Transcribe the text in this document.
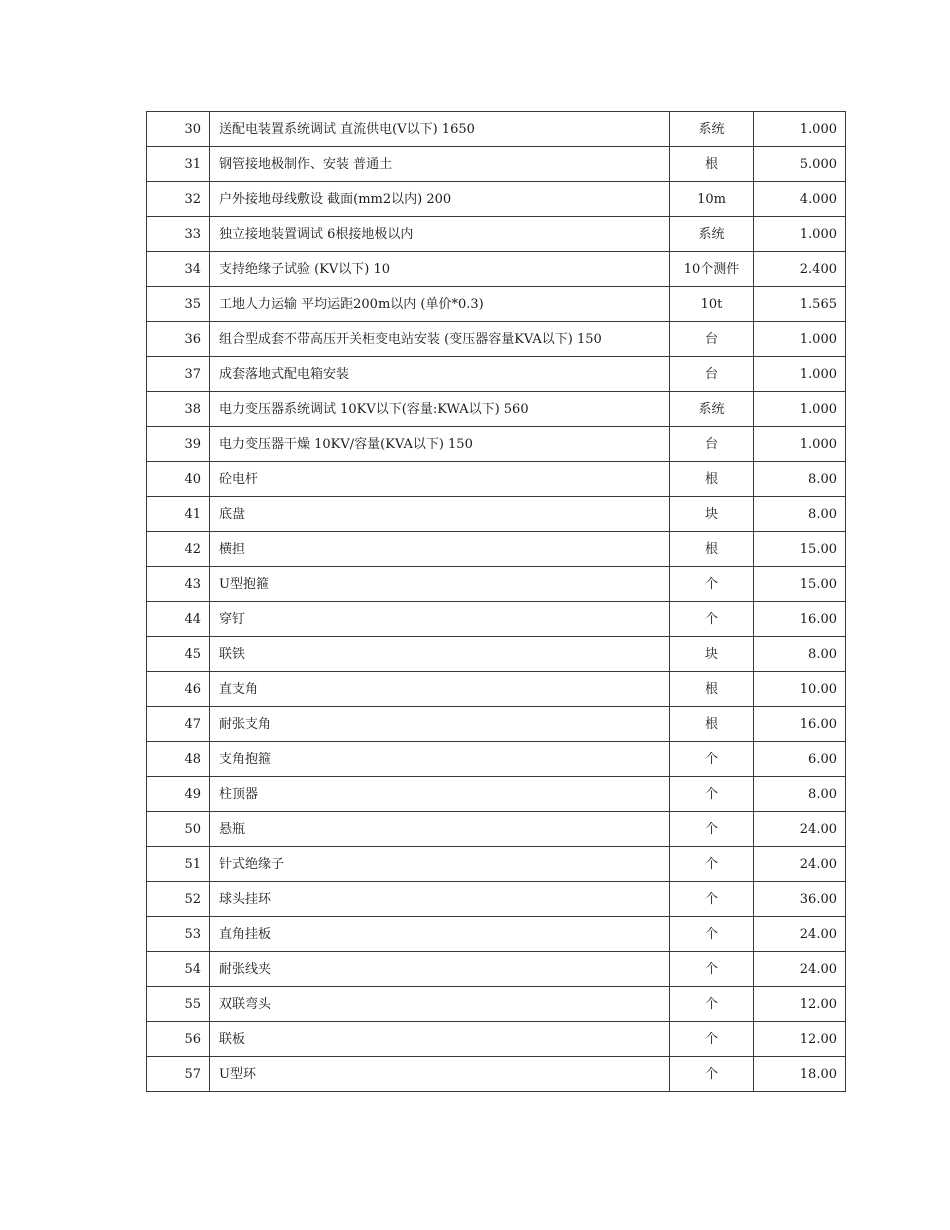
30	送配电装置系统调试 直流供电(V以下) 1650	系统	1.000
31	钢管接地极制作、安装 普通土	根	5.000
32	户外接地母线敷设 截面(mm2以内) 200	10m	4.000
33	独立接地装置调试 6根接地极以内	系统	1.000
34	支持绝缘子试验 (KV以下) 10	10个测件	2.400
35	工地人力运输 平均运距200m以内 (单价*0.3)	10t	1.565
36	组合型成套不带高压开关柜变电站安装 (变压器容量KVA以下) 150	台	1.000
37	成套落地式配电箱安装	台	1.000
38	电力变压器系统调试 10KV以下(容量:KWA以下) 560	系统	1.000
39	电力变压器干燥 10KV/容量(KVA以下) 150	台	1.000
40	砼电杆	根	8.00
41	底盘	块	8.00
42	横担	根	15.00
43	U型抱箍	个	15.00
44	穿钉	个	16.00
45	联铁	块	8.00
46	直支角	根	10.00
47	耐张支角	根	16.00
48	支角抱箍	个	6.00
49	柱顶器	个	8.00
50	悬瓶	个	24.00
51	针式绝缘子	个	24.00
52	球头挂环	个	36.00
53	直角挂板	个	24.00
54	耐张线夹	个	24.00
55	双联弯头	个	12.00
56	联板	个	12.00
57	U型环	个	18.00
